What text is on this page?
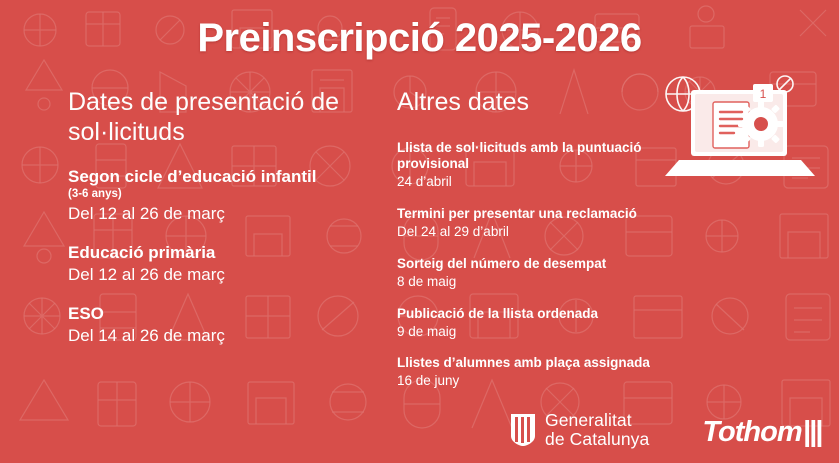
Preinscripció 2025-2026
1
Dates de presentació de sol·licituds

Segon cicle d’educació infantil

(3-6 anys)

Del 12 al 26 de març

Educació primària

Del 12 al 26 de març

ESO

Del 14 al 26 de març

Altres dates

Llista de sol·licituds amb la puntuació provisional

24 d’abril

Termini per presentar una reclamació

Del 24 al 29 d’abril

Sorteig del número de desempat

8 de maig

Publicació de la llista ordenada

9 de maig

Llistes d’alumnes amb plaça assignada

16 de juny

Generalitat
de Catalunya Tothom|||
